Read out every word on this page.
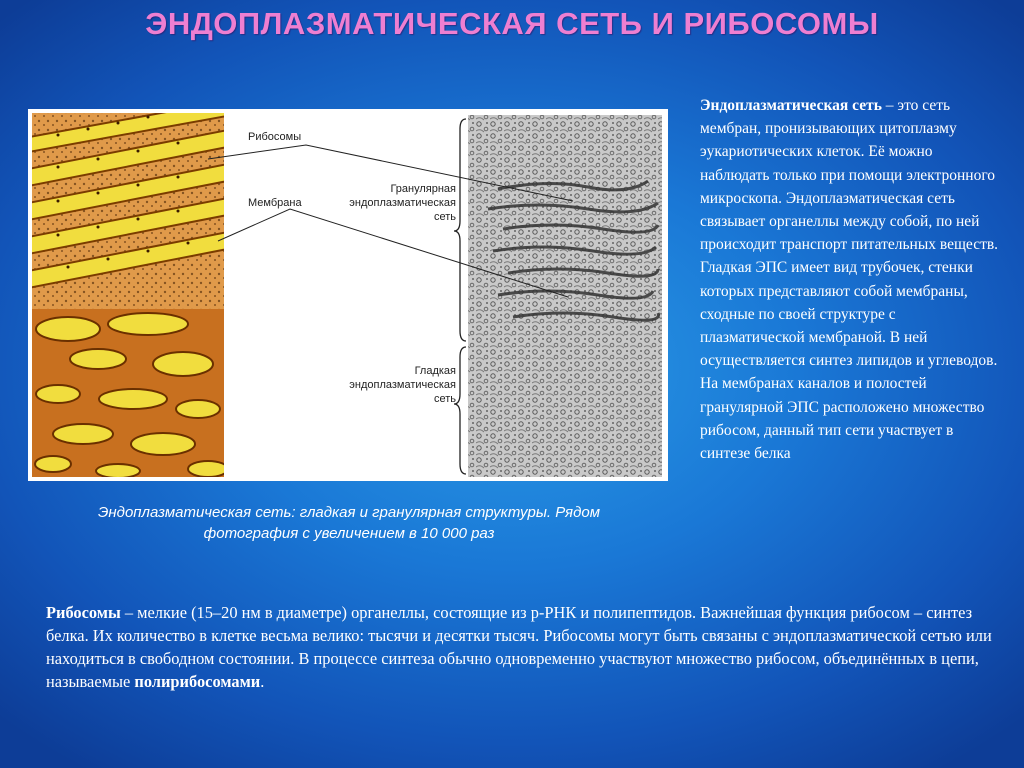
ЭНДОПЛАЗМАТИЧЕСКАЯ СЕТЬ И РИБОСОМЫ
Рибосомы
Мембрана
Гранулярная
эндоплазматическая
сеть
Гладкая
эндоплазматическая
сеть
Эндоплазматическая сеть: гладкая и гранулярная структуры. Рядом
фотография с увеличением в 10 000 раз
Эндоплазматическая сеть – это сеть мембран, пронизывающих цитоплазму эукариотических клеток. Её можно наблюдать только при помощи электронного микроскопа. Эндоплазматическая сеть связывает органеллы между собой, по ней происходит транспорт питательных веществ. Гладкая ЭПС имеет вид трубочек, стенки которых представляют собой мембраны, сходные по своей структуре с плазматической мембраной. В ней осуществляется синтез липидов и углеводов. На мембранах каналов и полостей гранулярной ЭПС расположено множество рибосом, данный тип сети участвует в синтезе белка
Рибосомы – мелкие (15–20 нм в диаметре) органеллы, состоящие из р-РНК и полипептидов. Важнейшая функция рибосом – синтез белка. Их количество в клетке весьма велико: тысячи и десятки тысяч. Рибосомы могут быть связаны с эндоплазматической сетью или находиться в свободном состоянии. В процессе синтеза обычно одновременно участвуют множество рибосом, объединённых в цепи, называемые полирибосомами.
